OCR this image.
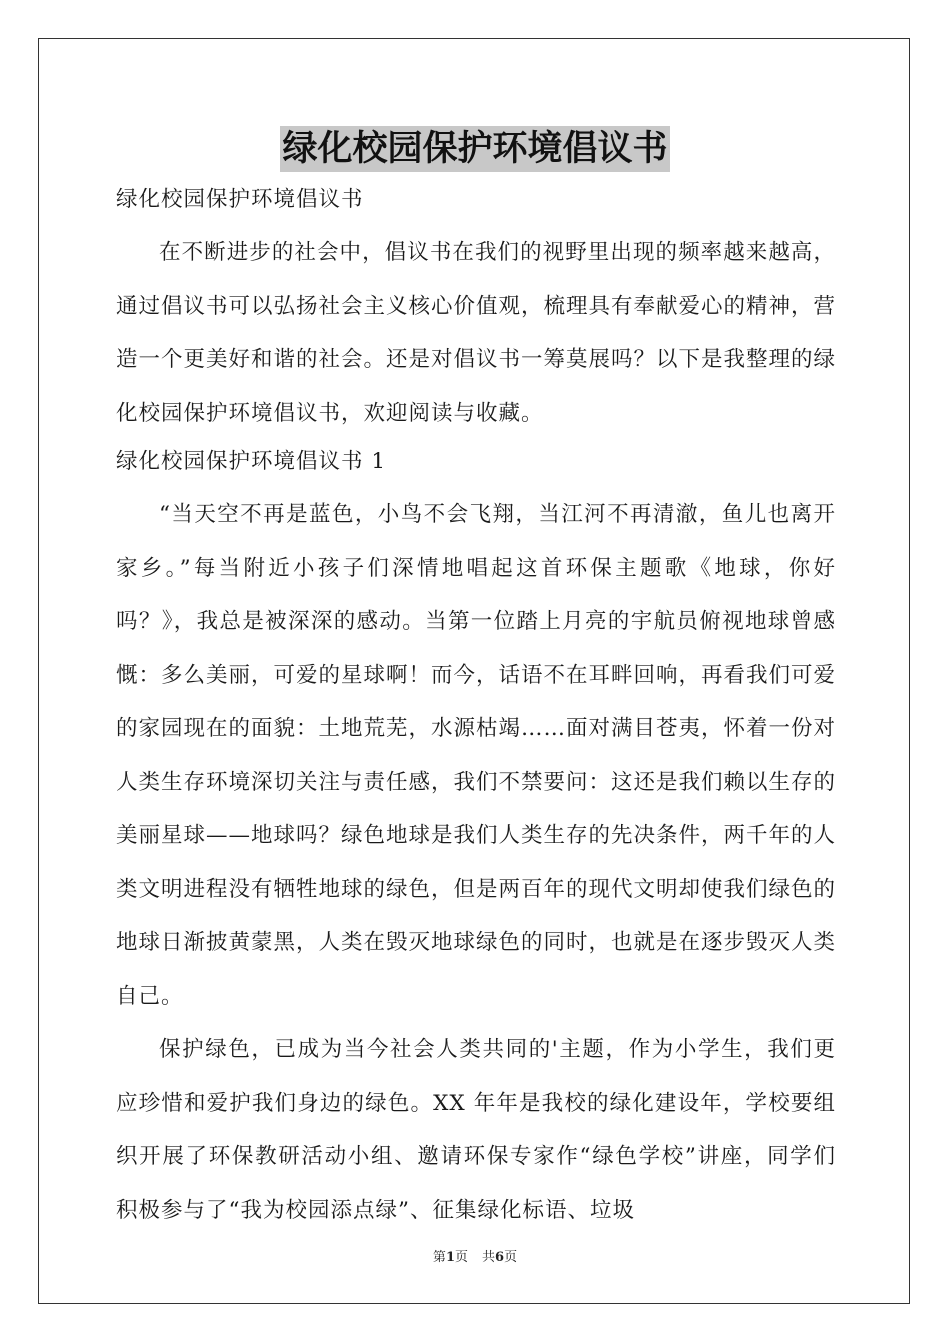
绿化校园保护环境倡议书

绿化校园保护环境倡议书

在不断进步的社会中，倡议书在我们的视野里出现的频率越来越高，通过倡议书可以弘扬社会主义核心价值观，梳理具有奉献爱心的精神，营造一个更美好和谐的社会。还是对倡议书一筹莫展吗？以下是我整理的绿化校园保护环境倡议书，欢迎阅读与收藏。

绿化校园保护环境倡议书 1

“当天空不再是蓝色，小鸟不会飞翔，当江河不再清澈，鱼儿也离开家乡。”每当附近小孩子们深情地唱起这首环保主题歌《地球，你好吗？》，我总是被深深的感动。当第一位踏上月亮的宇航员俯视地球曾感慨：多么美丽，可爱的星球啊！而今，话语不在耳畔回响，再看我们可爱的家园现在的面貌：土地荒芜，水源枯竭……面对满目苍夷，怀着一份对人类生存环境深切关注与责任感，我们不禁要问：这还是我们赖以生存的美丽星球——地球吗？绿色地球是我们人类生存的先决条件，两千年的人类文明进程没有牺牲地球的绿色，但是两百年的现代文明却使我们绿色的地球日渐披黄蒙黑，人类在毁灭地球绿色的同时，也就是在逐步毁灭人类自己。

保护绿色，已成为当今社会人类共同的'主题，作为小学生，我们更应珍惜和爱护我们身边的绿色。XX 年年是我校的绿化建设年，学校要组织开展了环保教研活动小组、邀请环保专家作“绿色学校”讲座，同学们积极参与了“我为校园添点绿”、征集绿化标语、垃圾

第1页 共6页
